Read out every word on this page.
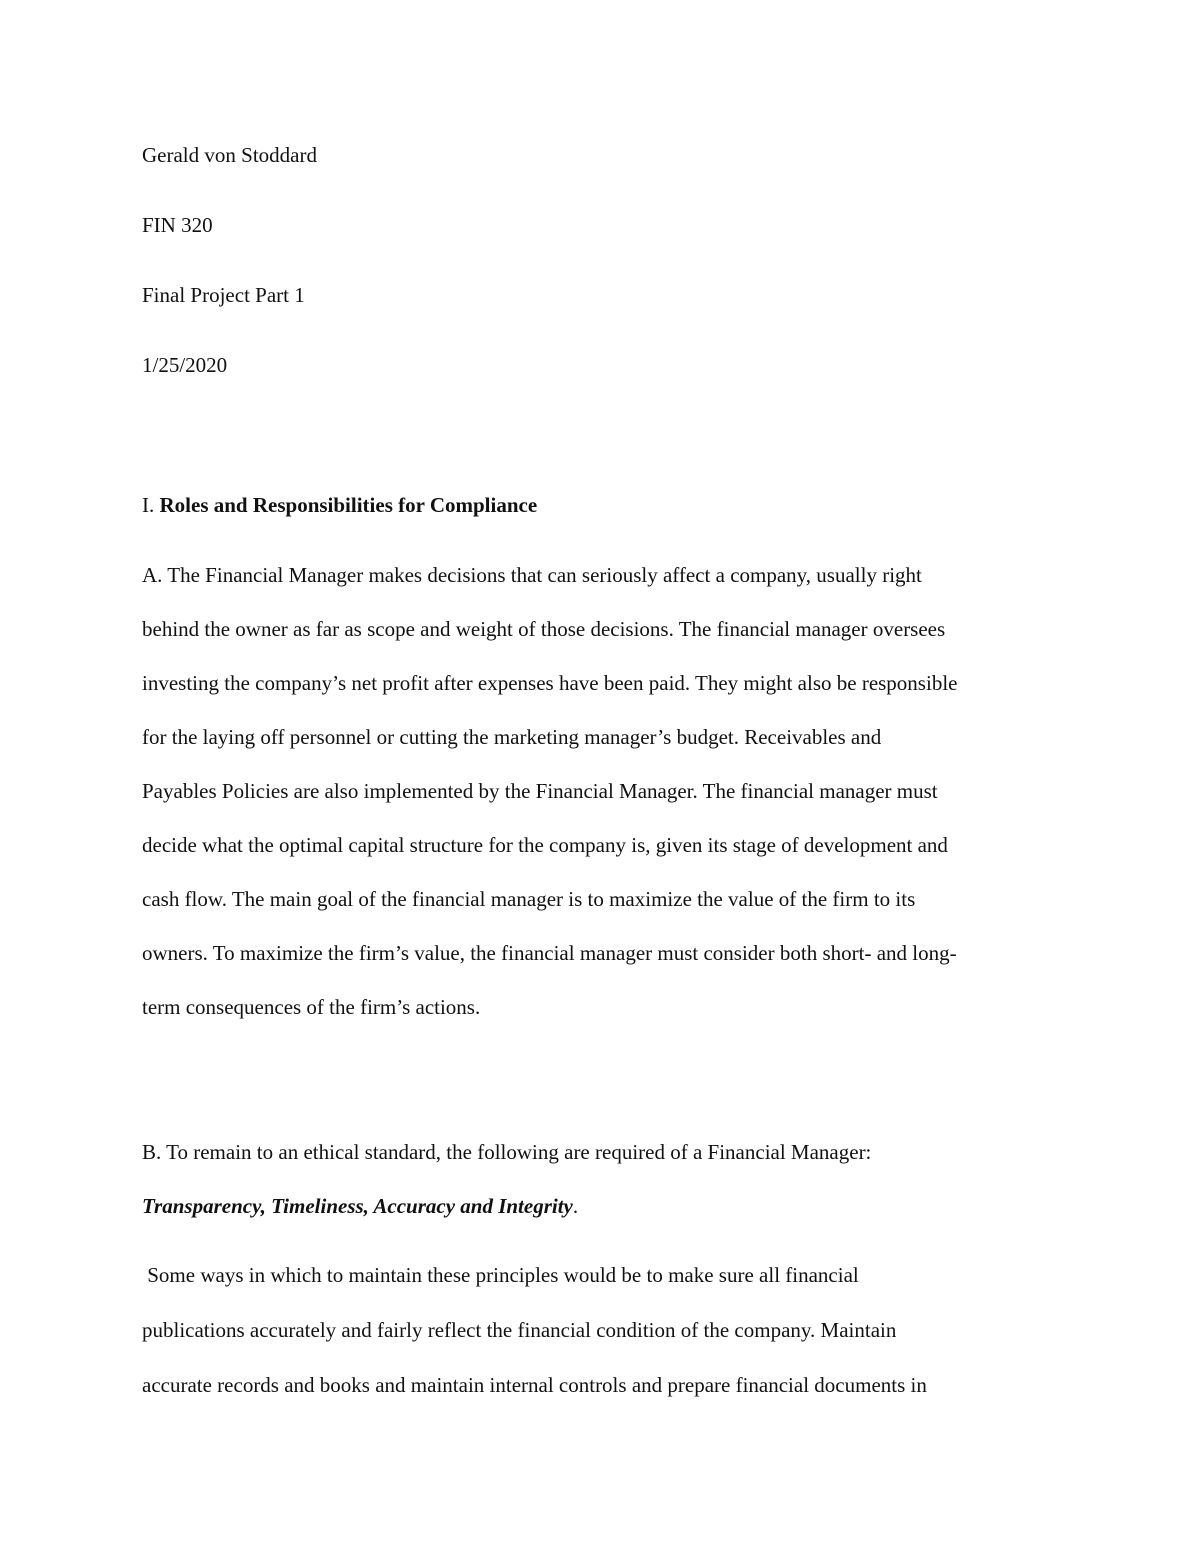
Gerald von Stoddard
FIN 320
Final Project Part 1
1/25/2020
I. Roles and Responsibilities for Compliance
A. The Financial Manager makes decisions that can seriously affect a company, usually right
behind the owner as far as scope and weight of those decisions. The financial manager oversees
investing the company’s net profit after expenses have been paid. They might also be responsible
for the laying off personnel or cutting the marketing manager’s budget. Receivables and
Payables Policies are also implemented by the Financial Manager. The financial manager must
decide what the optimal capital structure for the company is, given its stage of development and
cash flow. The main goal of the financial manager is to maximize the value of the firm to its
owners. To maximize the firm’s value, the financial manager must consider both short- and long-
term consequences of the firm’s actions.
B. To remain to an ethical standard, the following are required of a Financial Manager:
Transparency, Timeliness, Accuracy and Integrity.
Some ways in which to maintain these principles would be to make sure all financial
publications accurately and fairly reflect the financial condition of the company. Maintain
accurate records and books and maintain internal controls and prepare financial documents in
